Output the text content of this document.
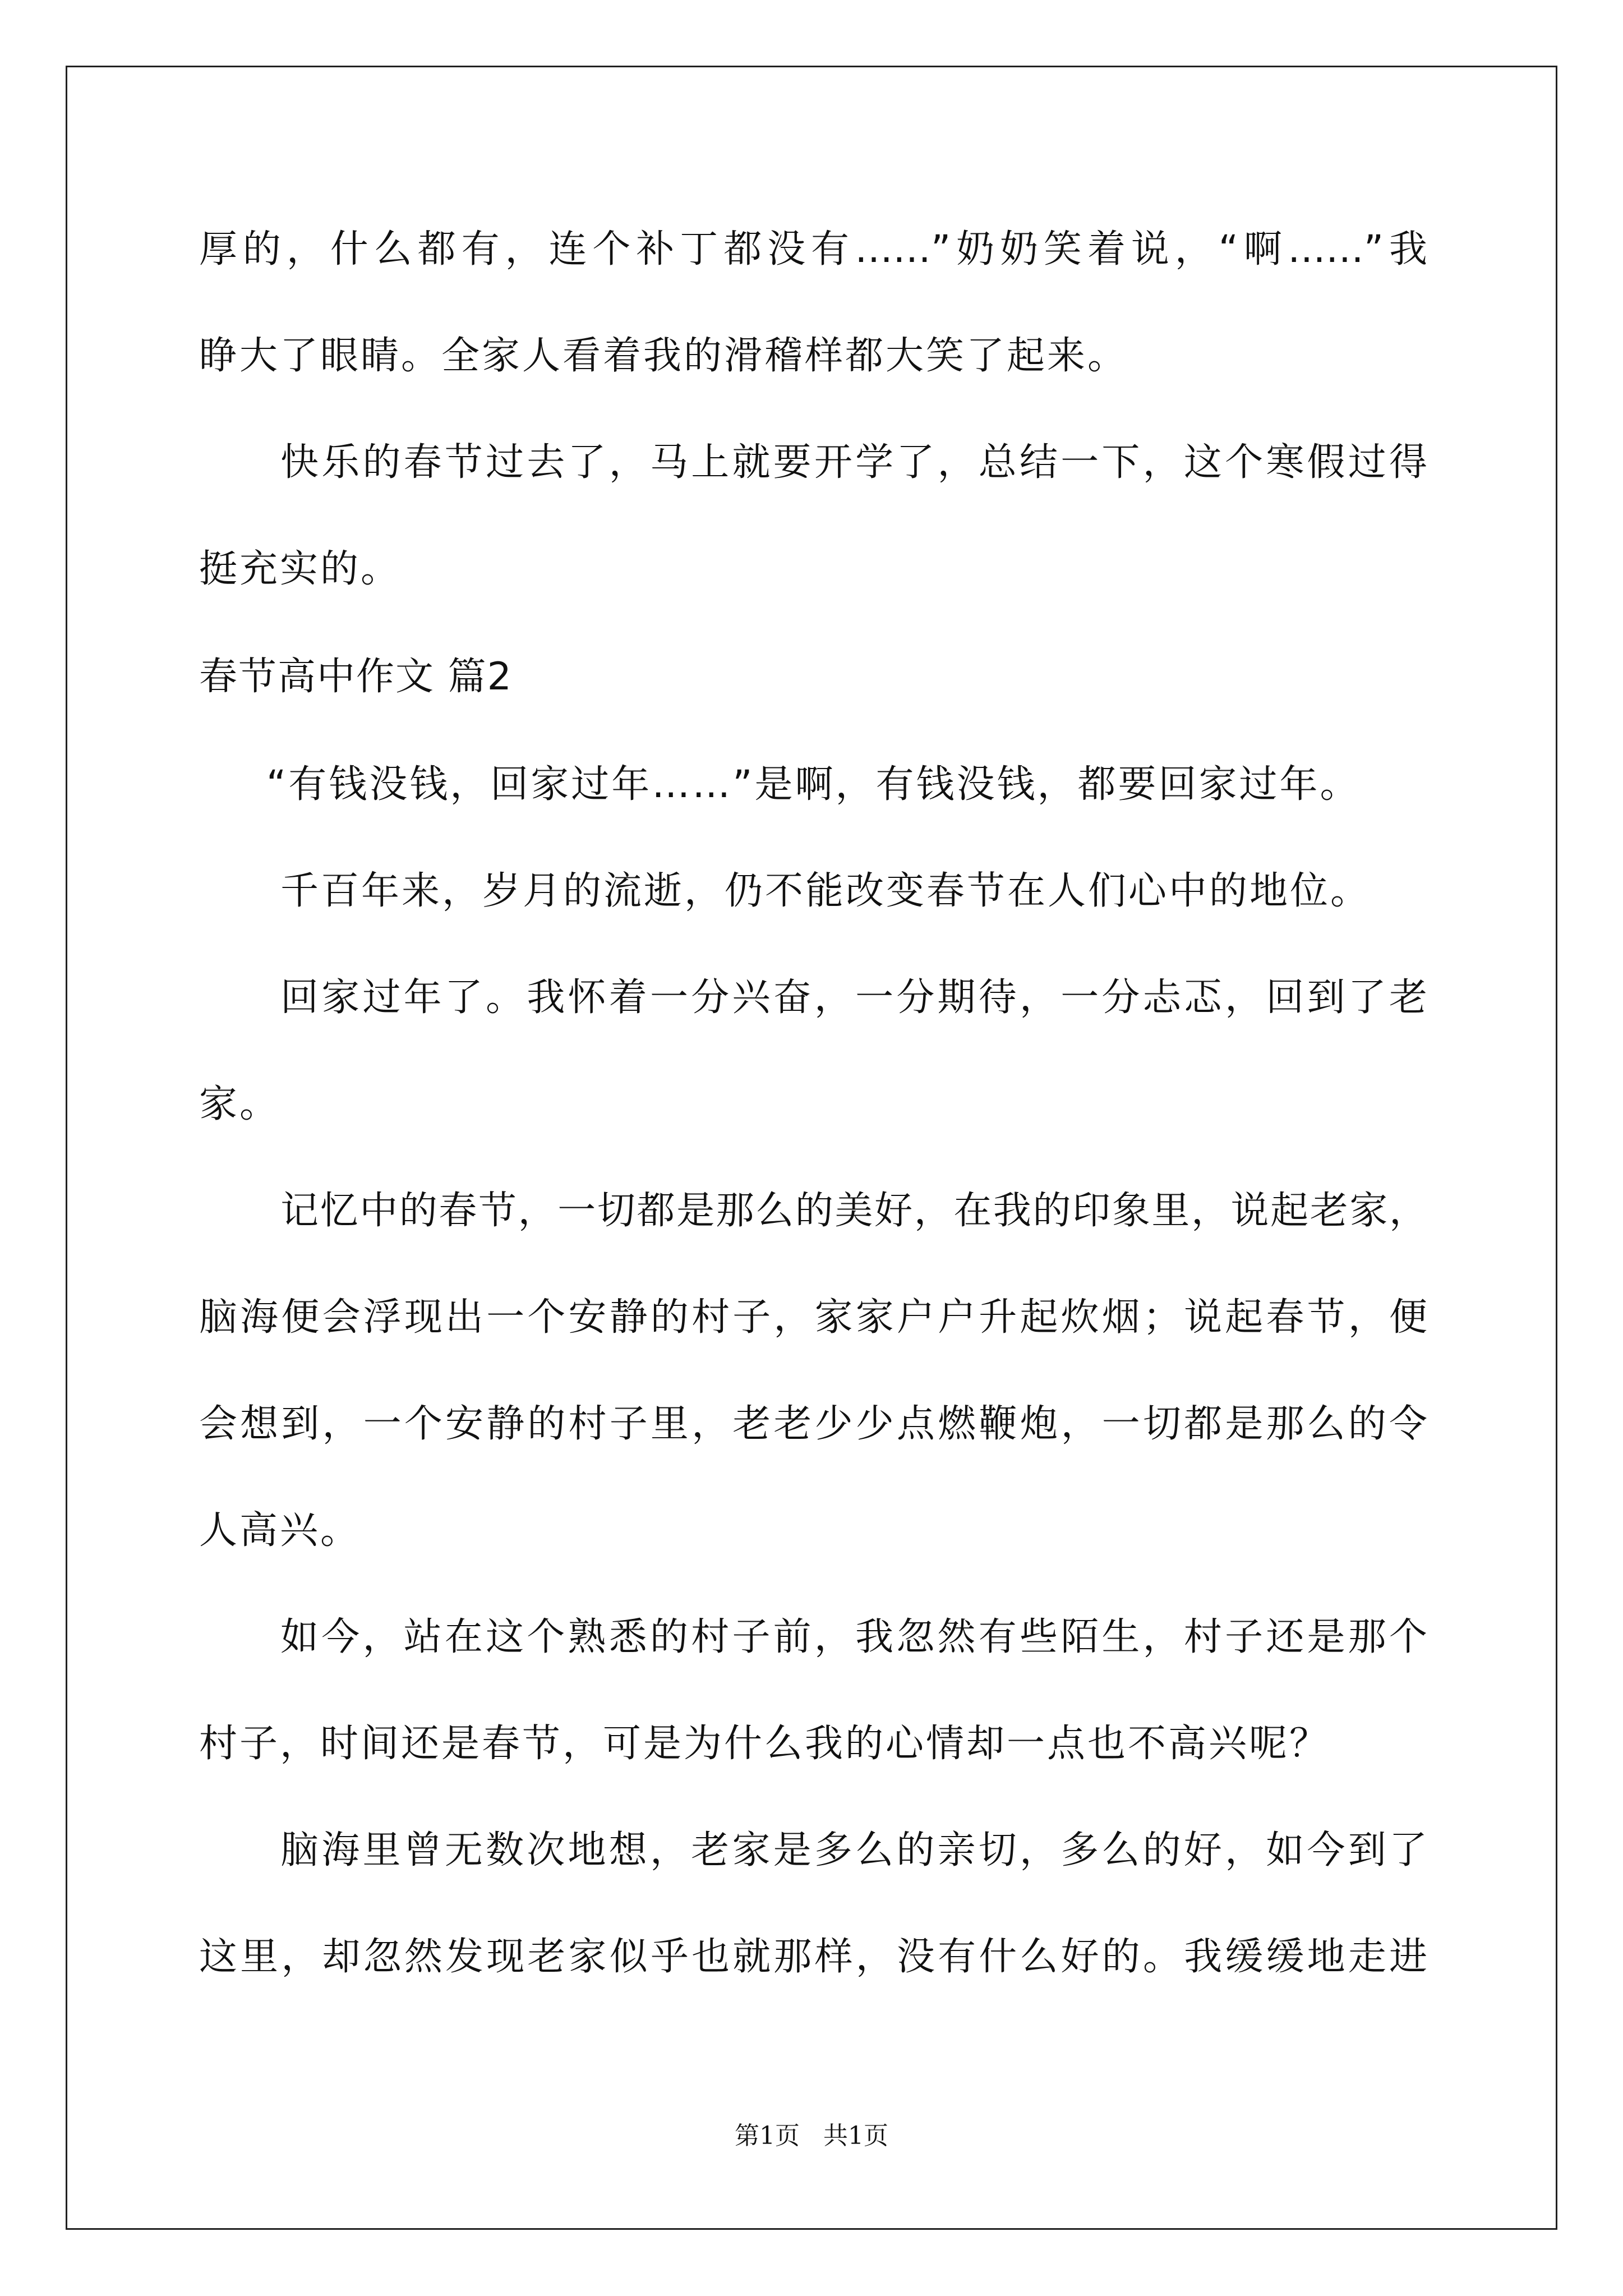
厚的，什么都有，连个补丁都没有……”奶奶笑着说，“啊……”我
睁大了眼睛。全家人看着我的滑稽样都大笑了起来。
快乐的春节过去了，马上就要开学了，总结一下，这个寒假过得
挺充实的。
春节高中作文 篇2
“有钱没钱，回家过年……”是啊，有钱没钱，都要回家过年。
千百年来，岁月的流逝，仍不能改变春节在人们心中的地位。
回家过年了。我怀着一分兴奋，一分期待，一分忐忑，回到了老
家。
记忆中的春节，一切都是那么的美好，在我的印象里，说起老家，
脑海便会浮现出一个安静的村子，家家户户升起炊烟；说起春节，便
会想到，一个安静的村子里，老老少少点燃鞭炮，一切都是那么的令
人高兴。
如今，站在这个熟悉的村子前，我忽然有些陌生，村子还是那个
村子，时间还是春节，可是为什么我的心情却一点也不高兴呢？
脑海里曾无数次地想，老家是多么的亲切，多么的好，如今到了
这里，却忽然发现老家似乎也就那样，没有什么好的。我缓缓地走进
第1页 共1页
